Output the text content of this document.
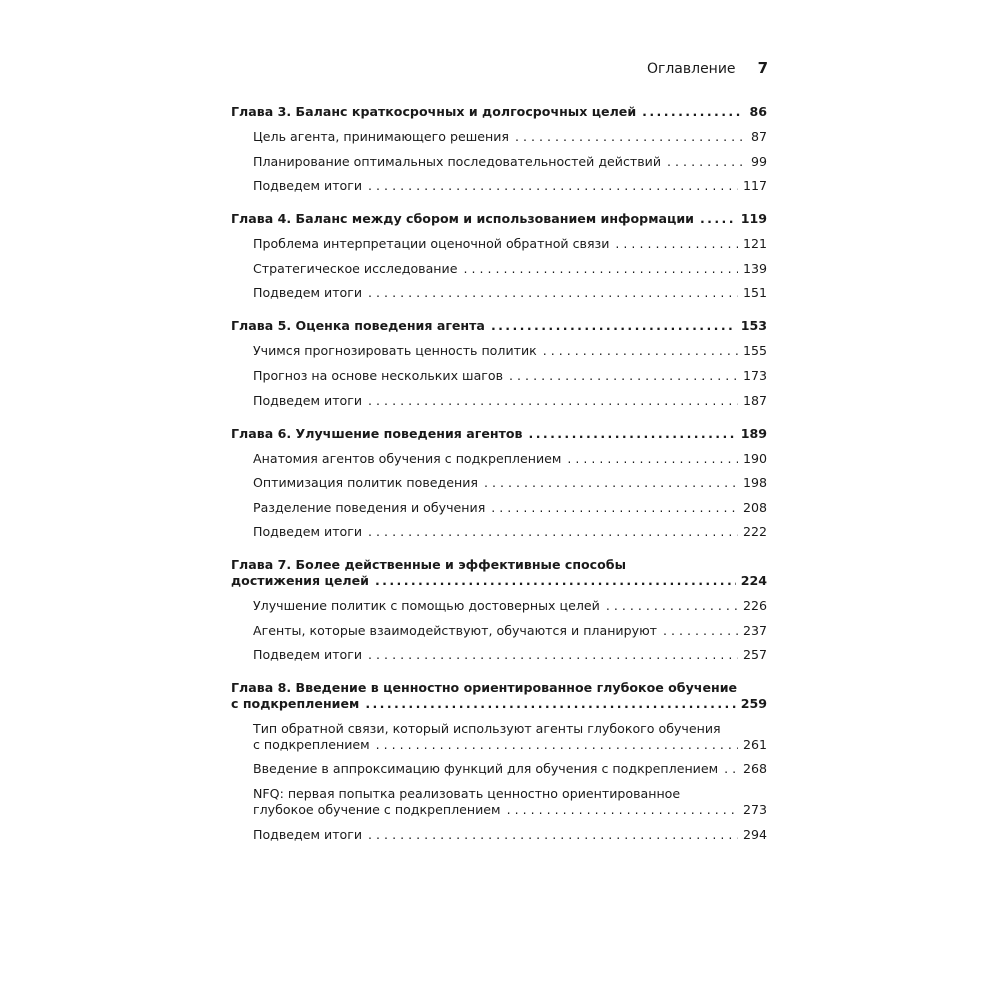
Оглавление 7
Глава 3. Баланс краткосрочных и долгосрочных целей .....	86
Цель агента, принимающего решения . . .	87
Планирование оптимальных последовательностей действий . . .	99
Подведем итоги . . .	117
Глава 4. Баланс между сбором и использованием информации .....	119
Проблема интерпретации оценочной обратной связи . . .	121
Стратегическое исследование . . .	139
Подведем итоги . . .	151
Глава 5. Оценка поведения агента .....	153
Учимся прогнозировать ценность политик . . .	155
Прогноз на основе нескольких шагов . . .	173
Подведем итоги . . .	187
Глава 6. Улучшение поведения агентов .....	189
Анатомия агентов обучения с подкреплением . . .	190
Оптимизация политик поведения . . .	198
Разделение поведения и обучения . . .	208
Подведем итоги . . .	222
Глава 7. Более действенные и эффективные способы
достижения целей .....	224
Улучшение политик с помощью достоверных целей . . .	226
Агенты, которые взаимодействуют, обучаются и планируют . . .	237
Подведем итоги . . .	257
Глава 8. Введение в ценностно ориентированное глубокое обучение
с подкреплением .....	259
Тип обратной связи, который используют агенты глубокого обучения
с подкреплением . . .	261
Введение в аппроксимацию функций для обучения с подкреплением . . . 268
NFQ: первая попытка реализовать ценностно ориентированное
глубокое обучение с подкреплением . . .	273
Подведем итоги . . .	294
